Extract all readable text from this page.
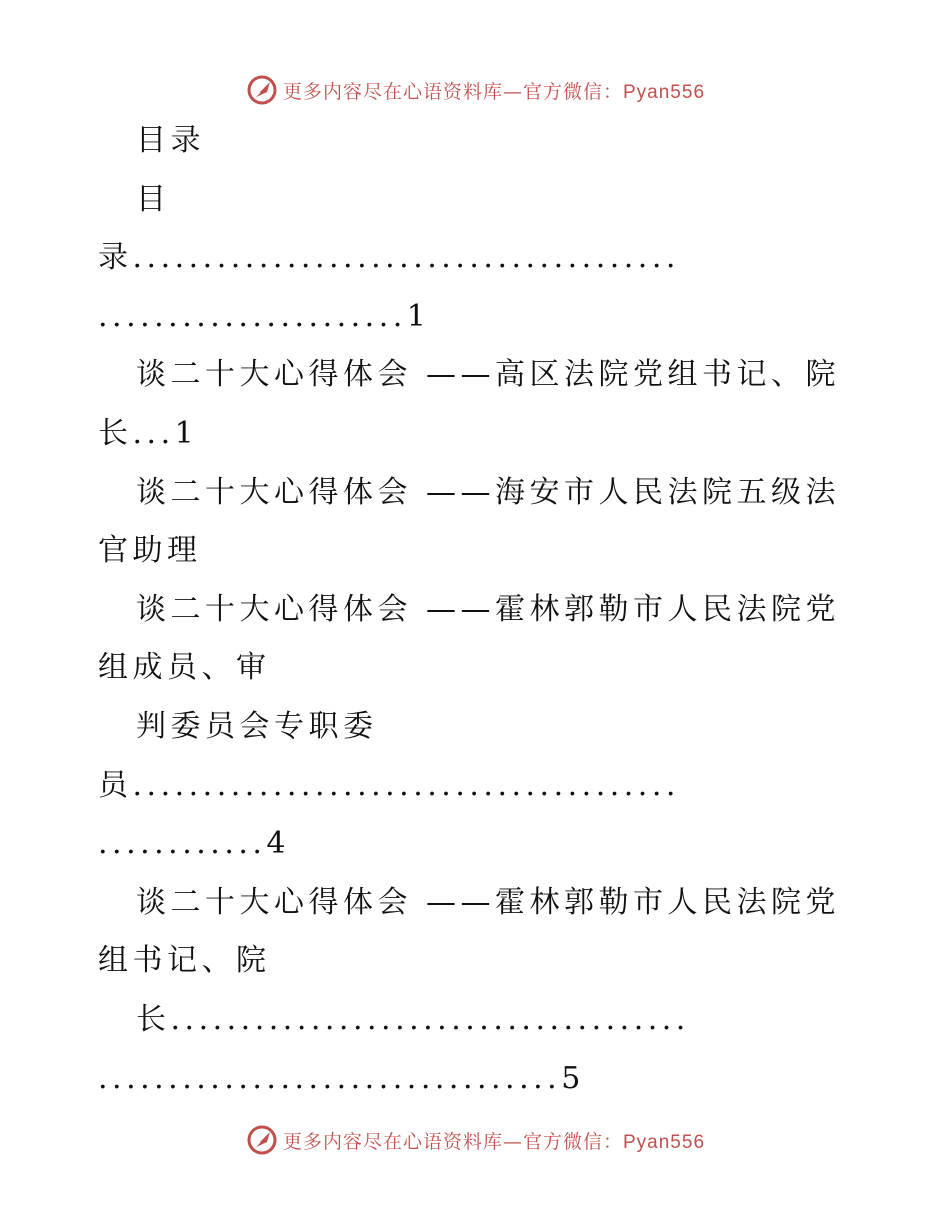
更多内容尽在心语资料库—官方微信：Pyan556
目录
目
录.......................................
......................1
谈二十大心得体会 ——高区法院党组书记、院
长...1
谈二十大心得体会 ——海安市人民法院五级法
官助理
谈二十大心得体会 ——霍林郭勒市人民法院党
组成员、审
判委员会专职委
员.......................................
............4
谈二十大心得体会 ——霍林郭勒市人民法院党
组书记、院
长.....................................
.................................5
更多内容尽在心语资料库—官方微信：Pyan556
